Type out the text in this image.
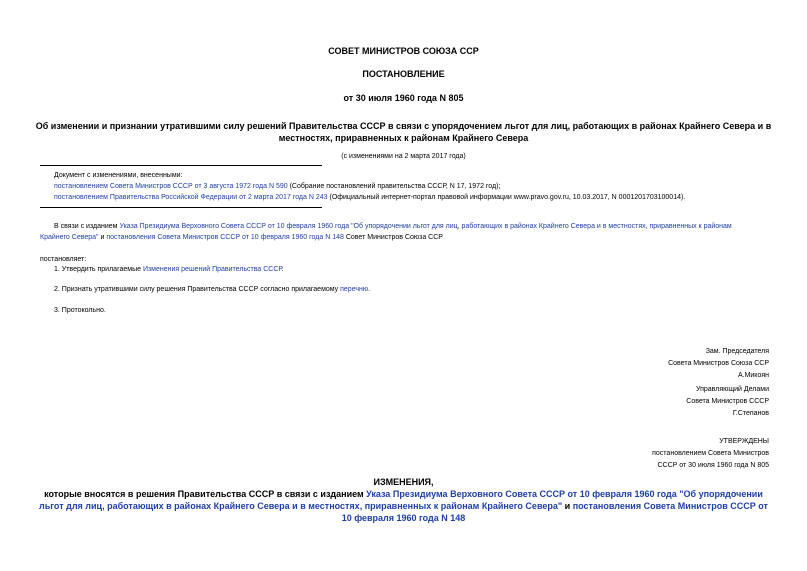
СОВЕТ МИНИСТРОВ СОЮЗА ССР
ПОСТАНОВЛЕНИЕ
от 30 июля 1960 года N 805
Об изменении и признании утратившими силу решений Правительства СССР в связи с упорядочением льгот для лиц, работающих в районах Крайнего Севера и в
местностях, приравненных к районам Крайнего Севера
(с изменениями на 2 марта 2017 года)
Документ с изменениями, внесенными:
постановлением Совета Министров СССР от 3 августа 1972 года N 590 (Собрание постановлений правительства СССР, N 17, 1972 год);
постановлением Правительства Российской Федерации от 2 марта 2017 года N 243 (Официальный интернет-портал правовой информации www.pravo.gov.ru, 10.03.2017, N 0001201703100014).
В связи с изданием Указа Президиума Верховного Совета СССР от 10 февраля 1960 года "Об упорядочении льгот для лиц, работающих в районах Крайнего Севера и в местностях, приравненных к районам
Крайнего Севера" и постановления Совета Министров СССР от 10 февраля 1960 года N 148 Совет Министров Союза ССР
постановляет:
1. Утвердить прилагаемые Изменения решений Правительства СССР.
2. Признать утратившими силу решения Правительства СССР согласно прилагаемому перечню.
3. Протокольно.
Зам. Председателя
Совета Министров Союза ССР
А.Микоян
Управляющий Делами
Совета Министров СССР
Г.Степанов
УТВЕРЖДЕНЫ
постановлением Совета Министров
СССР от 30 июля 1960 года N 805
ИЗМЕНЕНИЯ,
которые вносятся в решения Правительства СССР в связи с изданием Указа Президиума Верховного Совета СССР от 10 февраля 1960 года "Об упорядочении
льгот для лиц, работающих в районах Крайнего Севера и в местностях, приравненных к районам Крайнего Севера" и постановления Совета Министров СССР от
10 февраля 1960 года N 148
